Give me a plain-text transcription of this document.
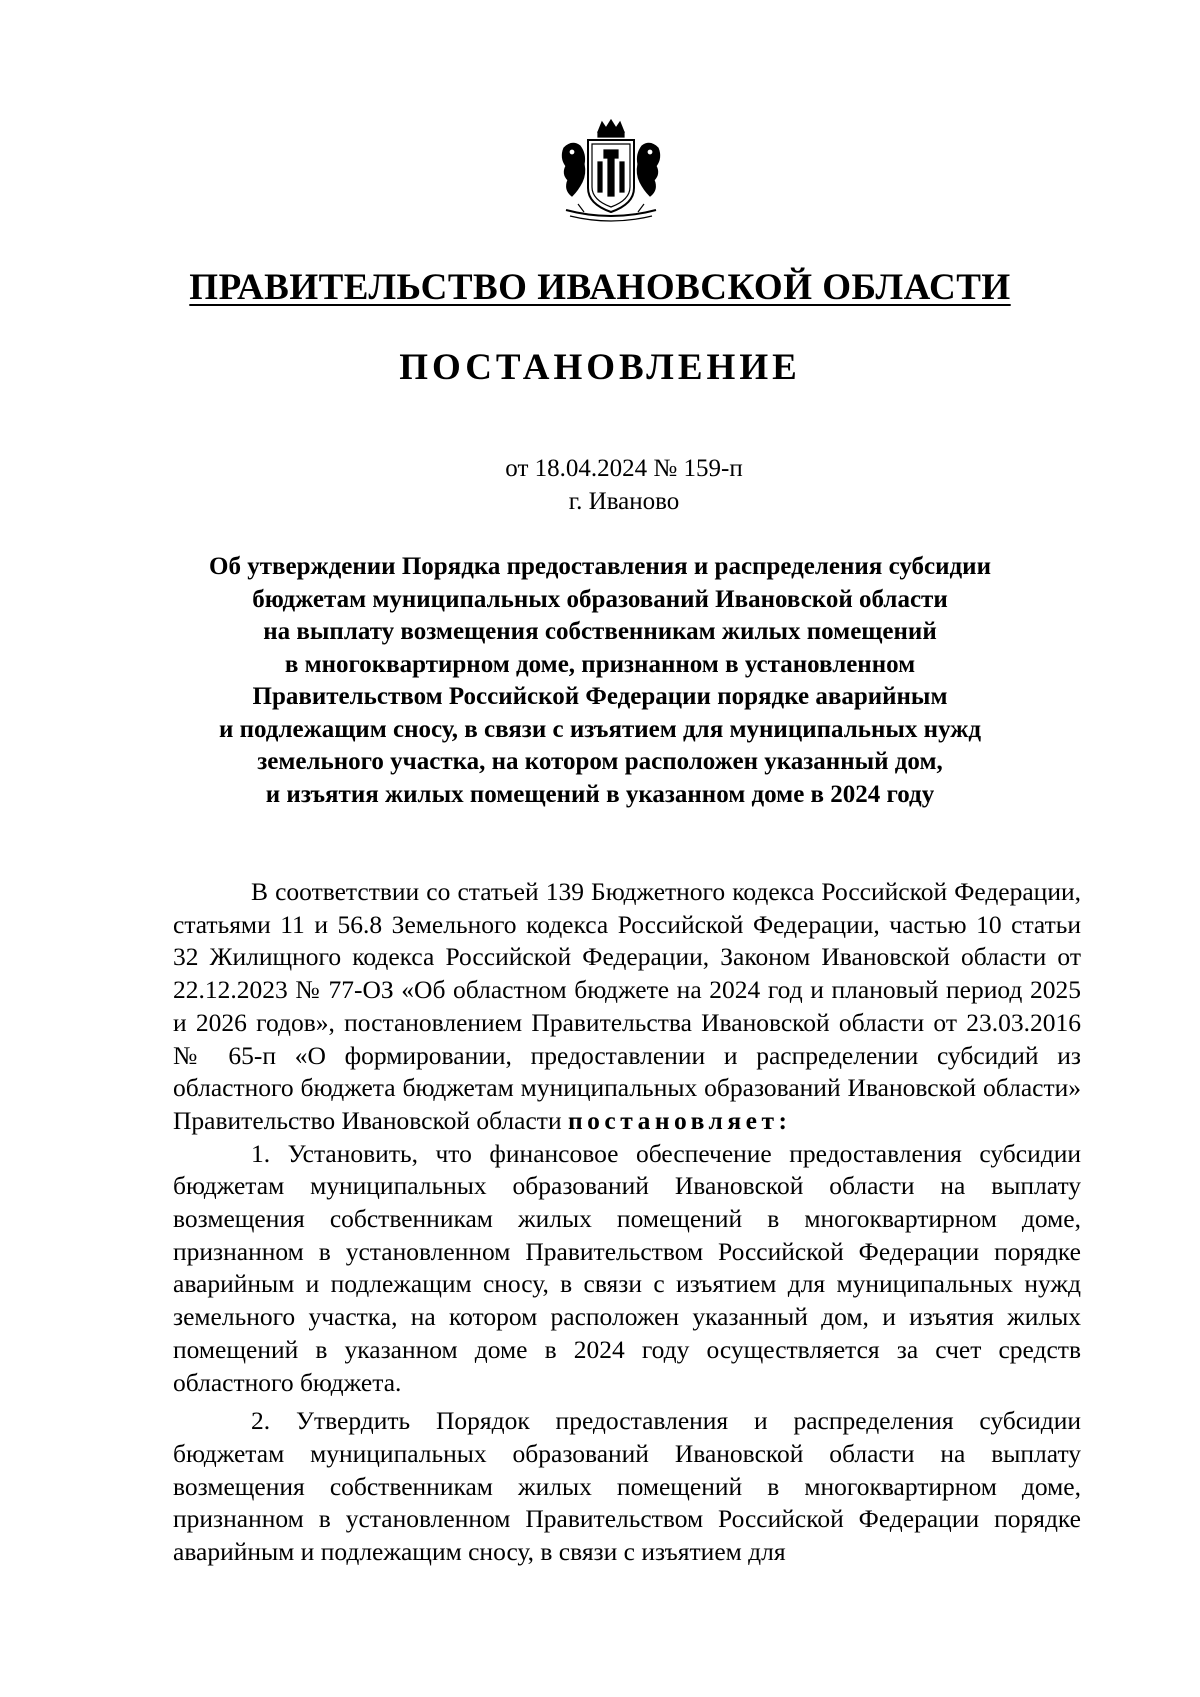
ПРАВИТЕЛЬСТВО ИВАНОВСКОЙ ОБЛАСТИ
ПОСТАНОВЛЕНИЕ
от 18.04.2024 № 159-п
г. Иваново
Об утверждении Порядка предоставления и распределения субсидии
бюджетам муниципальных образований Ивановской области
на выплату возмещения собственникам жилых помещений
в многоквартирном доме, признанном в установленном
Правительством Российской Федерации порядке аварийным
и подлежащим сносу, в связи с изъятием для муниципальных нужд
земельного участка, на котором расположен указанный дом,
и изъятия жилых помещений в указанном доме в 2024 году

В соответствии со статьей 139 Бюджетного кодекса Российской Федерации, статьями 11 и 56.8 Земельного кодекса Российской Федерации, частью 10 статьи 32 Жилищного кодекса Российской Федерации, Законом Ивановской области от 22.12.2023 № 77-ОЗ «Об областном бюджете на 2024 год и плановый период 2025 и 2026 годов», постановлением Правительства Ивановской области от 23.03.2016 № 65-п «О формировании, предоставлении и распределении субсидий из областного бюджета бюджетам муниципальных образований Ивановской области» Правительство Ивановской области постановляет:

1. Установить, что финансовое обеспечение предоставления субсидии бюджетам муниципальных образований Ивановской области на выплату возмещения собственникам жилых помещений в многоквартирном доме, признанном в установленном Правительством Российской Федерации порядке аварийным и подлежащим сносу, в связи с изъятием для муниципальных нужд земельного участка, на котором расположен указанный дом, и изъятия жилых помещений в указанном доме в 2024 году осуществляется за счет средств областного бюджета.

2. Утвердить Порядок предоставления и распределения субсидии бюджетам муниципальных образований Ивановской области на выплату возмещения собственникам жилых помещений в многоквартирном доме, признанном в установленном Правительством Российской Федерации порядке аварийным и подлежащим сносу, в связи с изъятием для
